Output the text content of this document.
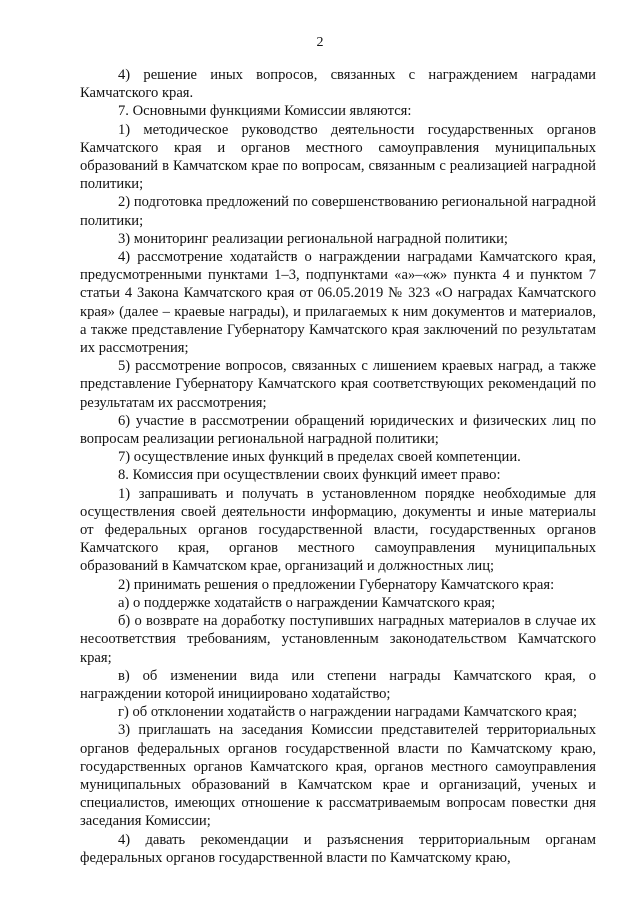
2

4) решение иных вопросов, связанных с награждением наградами Камчатского края.

7. Основными функциями Комиссии являются:

1) методическое руководство деятельности государственных органов Камчатского края и органов местного самоуправления муниципальных образований в Камчатском крае по вопросам, связанным с реализацией наградной политики;

2) подготовка предложений по совершенствованию региональной наградной политики;

3) мониторинг реализации региональной наградной политики;

4) рассмотрение ходатайств о награждении наградами Камчатского края, предусмотренными пунктами 1–3, подпунктами «а»–«ж» пункта 4 и пунктом 7 статьи 4 Закона Камчатского края от 06.05.2019 № 323 «О наградах Камчатского края» (далее – краевые награды), и прилагаемых к ним документов и материалов, а также представление Губернатору Камчатского края заключений по результатам их рассмотрения;

5) рассмотрение вопросов, связанных с лишением краевых наград, а также представление Губернатору Камчатского края соответствующих рекомендаций по результатам их рассмотрения;

6) участие в рассмотрении обращений юридических и физических лиц по вопросам реализации региональной наградной политики;

7) осуществление иных функций в пределах своей компетенции.

8. Комиссия при осуществлении своих функций имеет право:

1) запрашивать и получать в установленном порядке необходимые для осуществления своей деятельности информацию, документы и иные материалы от федеральных органов государственной власти, государственных органов Камчатского края, органов местного самоуправления муниципальных образований в Камчатском крае, организаций и должностных лиц;

2) принимать решения о предложении Губернатору Камчатского края:

а) о поддержке ходатайств о награждении Камчатского края;

б) о возврате на доработку поступивших наградных материалов в случае их несоответствия требованиям, установленным законодательством Камчатского края;

в) об изменении вида или степени награды Камчатского края, о награждении которой инициировано ходатайство;

г) об отклонении ходатайств о награждении наградами Камчатского края;

3) приглашать на заседания Комиссии представителей территориальных органов федеральных органов государственной власти по Камчатскому краю, государственных органов Камчатского края, органов местного самоуправления муниципальных образований в Камчатском крае и организаций, ученых и специалистов, имеющих отношение к рассматриваемым вопросам повестки дня заседания Комиссии;

4) давать рекомендации и разъяснения территориальным органам федеральных органов государственной власти по Камчатскому краю,
